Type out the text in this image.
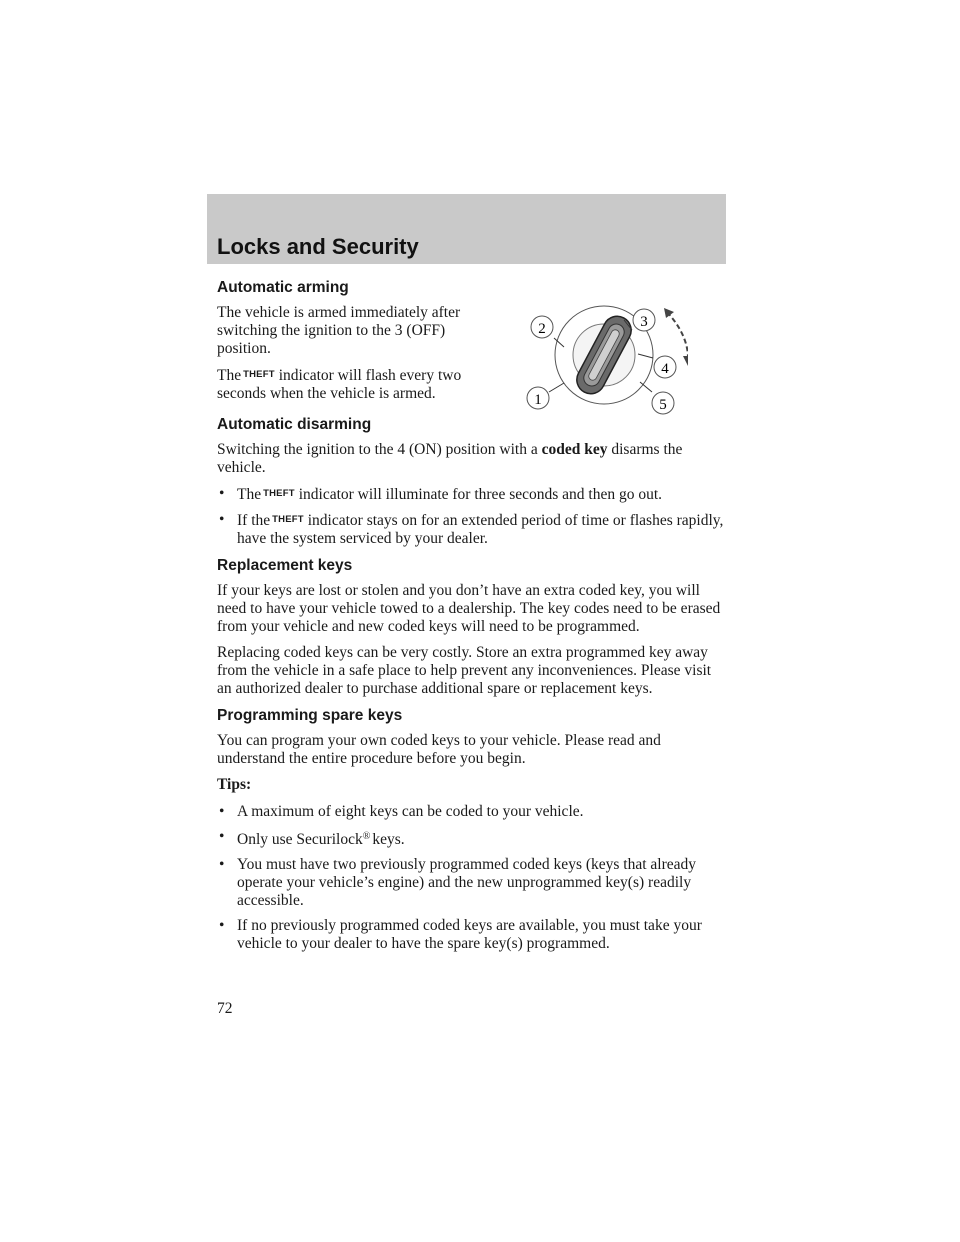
Locks and Security
1
2	3
4
5
Automatic arming

The vehicle is armed immediately after switching the ignition to the 3 (OFF) position.

The THEFT indicator will flash every two seconds when the vehicle is armed.

Automatic disarming

Switching the ignition to the 4 (ON) position with a coded key disarms the vehicle.

• The THEFT indicator will illuminate for three seconds and then go out.
• If the THEFT indicator stays on for an extended period of time or flashes rapidly, have the system serviced by your dealer.
Replacement keys

If your keys are lost or stolen and you don’t have an extra coded key, you will need to have your vehicle towed to a dealership. The key codes need to be erased from your vehicle and new coded keys will need to be programmed.

Replacing coded keys can be very costly. Store an extra programmed key away from the vehicle in a safe place to help prevent any inconveniences. Please visit an authorized dealer to purchase additional spare or replacement keys.

Programming spare keys

You can program your own coded keys to your vehicle. Please read and understand the entire procedure before you begin.

Tips:

• A maximum of eight keys can be coded to your vehicle.
• Only use Securilock® keys.
• You must have two previously programmed coded keys (keys that already operate your vehicle’s engine) and the new unprogrammed key(s) readily accessible.
• If no previously programmed coded keys are available, you must take your vehicle to your dealer to have the spare key(s) programmed.
72
